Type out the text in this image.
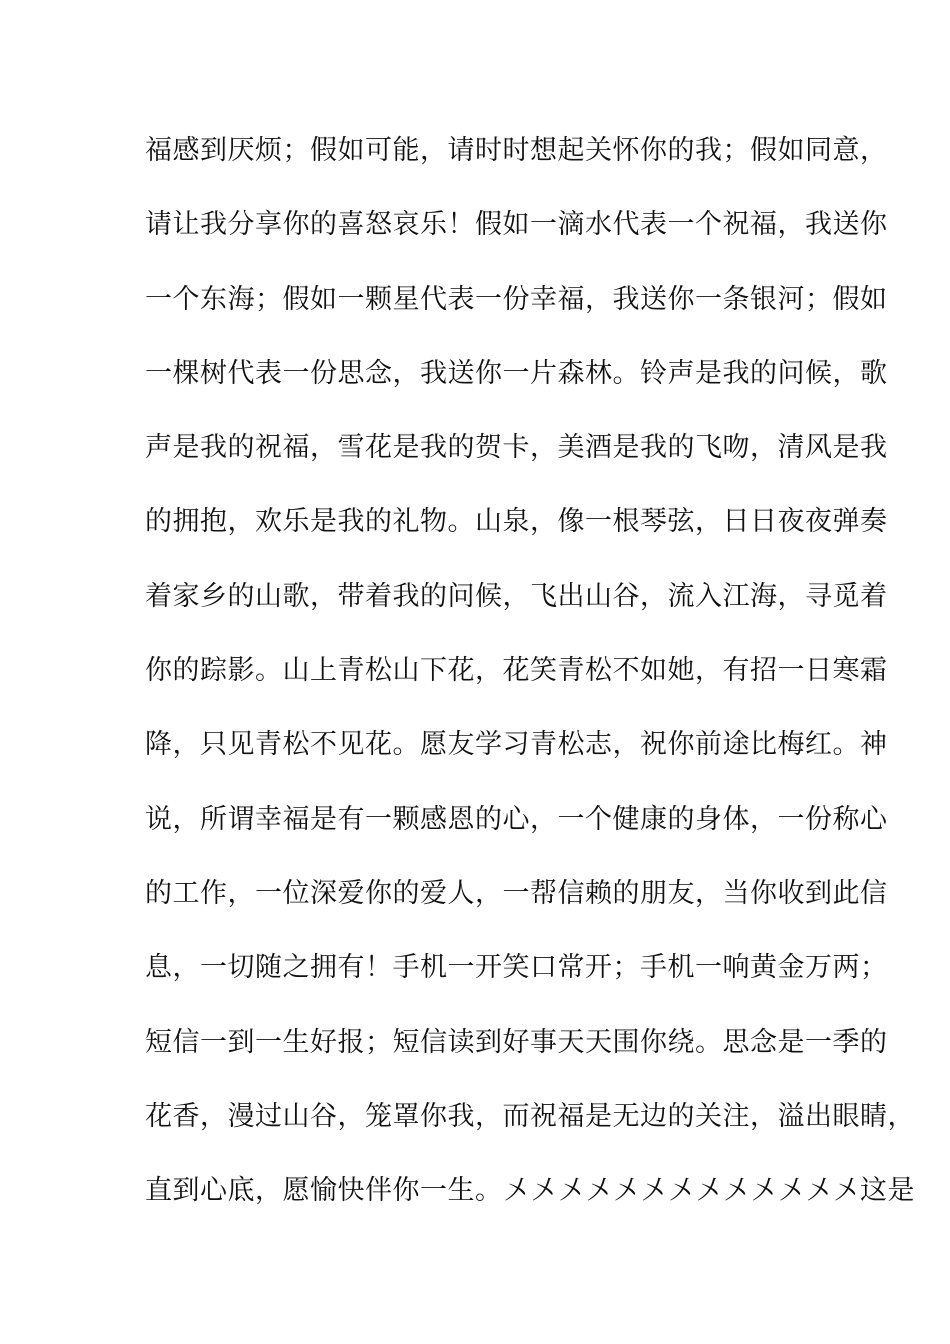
福感到厌烦；假如可能，请时时想起关怀你的我；假如同意，
请让我分享你的喜怒哀乐！假如一滴水代表一个祝福，我送你
一个东海；假如一颗星代表一份幸福，我送你一条银河；假如
一棵树代表一份思念，我送你一片森林。铃声是我的问候，歌
声是我的祝福，雪花是我的贺卡，美酒是我的飞吻，清风是我
的拥抱，欢乐是我的礼物。山泉，像一根琴弦，日日夜夜弹奏
着家乡的山歌，带着我的问候，飞出山谷，流入江海，寻觅着
你的踪影。山上青松山下花，花笑青松不如她，有招一日寒霜
降，只见青松不见花。愿友学习青松志，祝你前途比梅红。神
说，所谓幸福是有一颗感恩的心，一个健康的身体，一份称心
的工作，一位深爱你的爱人，一帮信赖的朋友，当你收到此信
息，一切随之拥有！手机一开笑口常开；手机一响黄金万两；
短信一到一生好报；短信读到好事天天围你绕。思念是一季的
花香，漫过山谷，笼罩你我，而祝福是无边的关注，溢出眼睛，
直到心底，愿愉快伴你一生。〤〤〤〤〤〤〤〤〤〤〤〤〤这是
